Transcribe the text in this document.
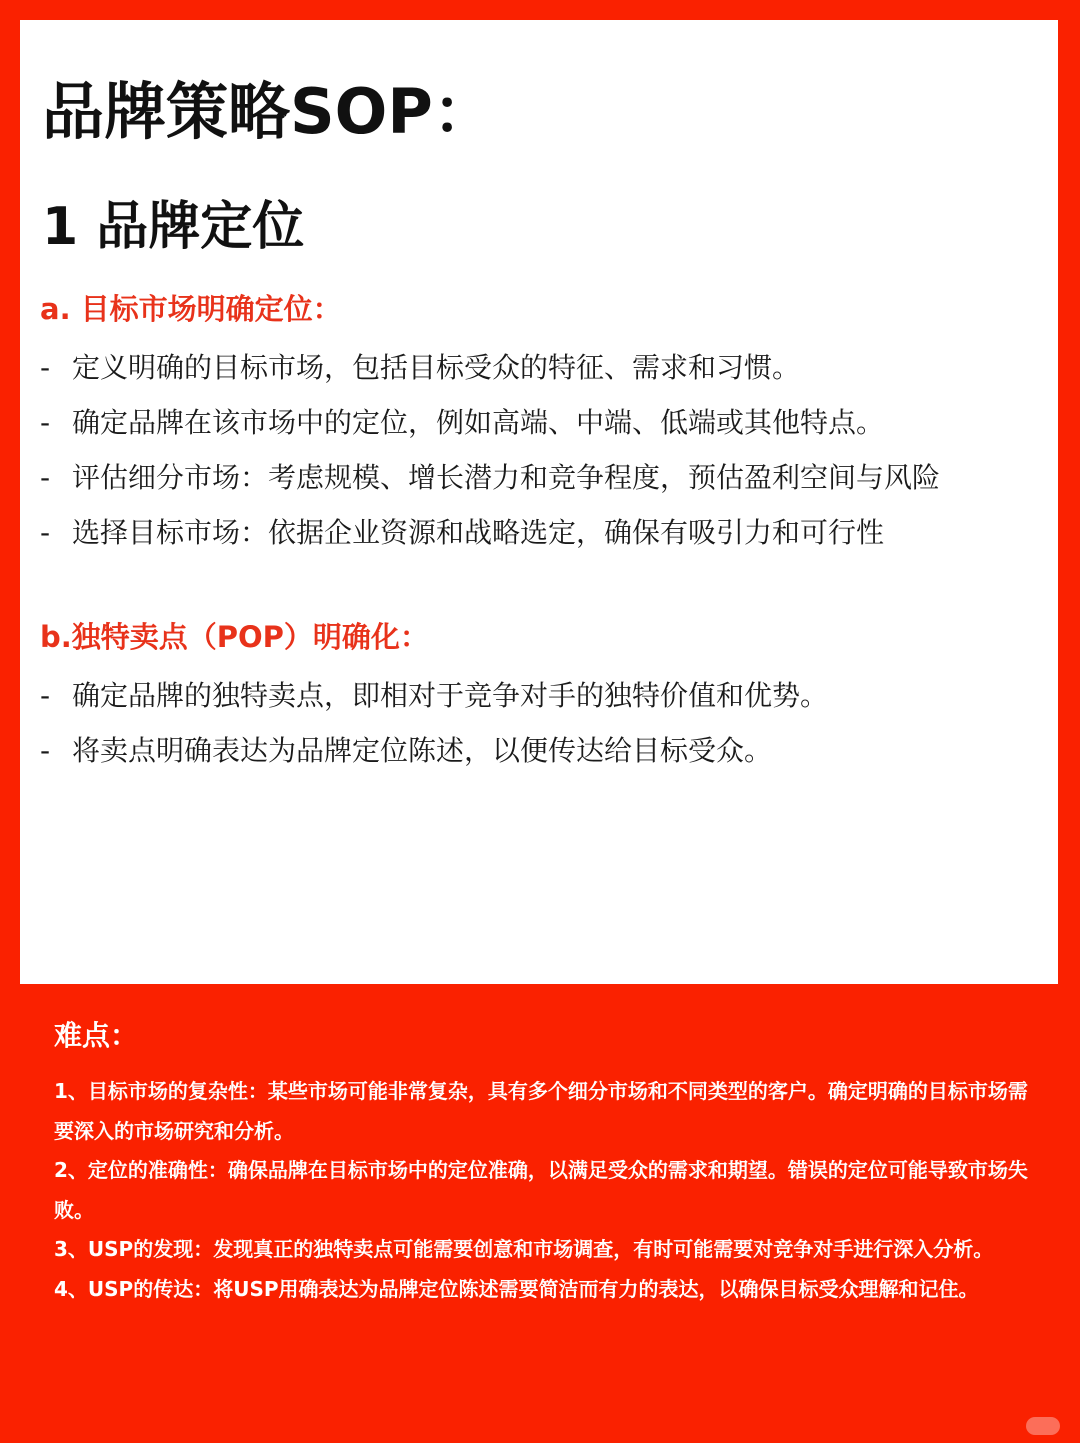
品牌策略SOP：
1 品牌定位
a. 目标市场明确定位：
- 定义明确的目标市场，包括目标受众的特征、需求和习惯。
- 确定品牌在该市场中的定位，例如高端、中端、低端或其他特点。
- 评估细分市场：考虑规模、增长潜力和竞争程度，预估盈利空间与风险
- 选择目标市场：依据企业资源和战略选定，确保有吸引力和可行性
b.独特卖点（POP）明确化：
- 确定品牌的独特卖点，即相对于竞争对手的独特价值和优势。
- 将卖点明确表达为品牌定位陈述，以便传达给目标受众。
难点：
1、目标市场的复杂性：某些市场可能非常复杂，具有多个细分市场和不同类型的客户。确定明确的目标市场需要深入的市场研究和分析。
2、定位的准确性：确保品牌在目标市场中的定位准确，以满足受众的需求和期望。错误的定位可能导致市场失败。
3、USP的发现：发现真正的独特卖点可能需要创意和市场调查，有时可能需要对竞争对手进行深入分析。
4、USP的传达：将USP用确表达为品牌定位陈述需要简洁而有力的表达，以确保目标受众理解和记住。
